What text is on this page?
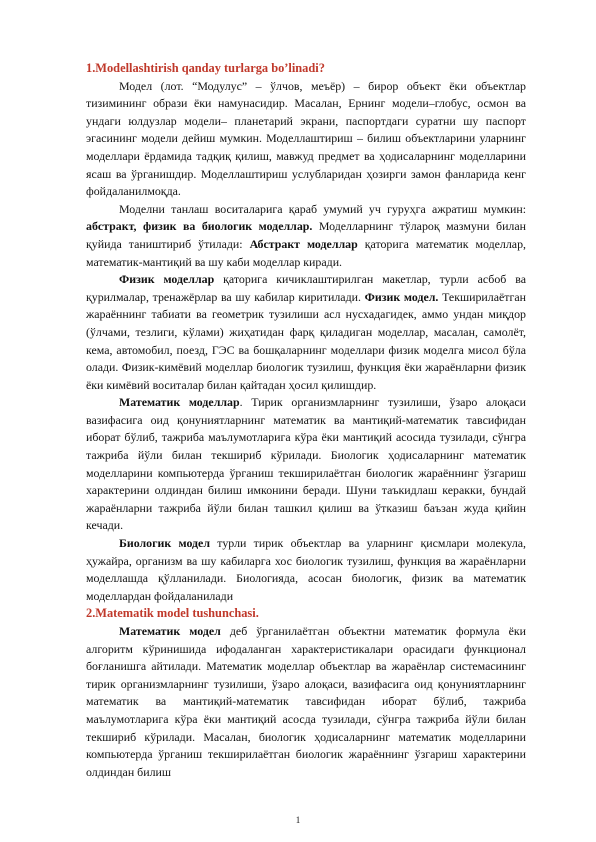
1.Modellashtirish qanday turlarga bo’linadi?

Модел (лот. “Модулус” – ўлчов, меъёр) – бирор объект ёки объектлар тизимининг образи ёки намунасидир. Масалан, Ернинг модели–глобус, осмон ва ундаги юлдузлар модели– планетарий экрани, паспортдаги суратни шу паспорт эгасининг модели дейиш мумкин. Моделлаштириш – билиш объектларини уларнинг моделлари ёрдамида тадқиқ қилиш, мавжуд предмет ва ҳодисаларнинг моделларини ясаш ва ўрганишдир. Моделлаштириш услубларидан ҳозирги замон фанларида кенг фойдаланилмоқда.

Моделни танлаш воситаларига қараб умумий уч гуруҳга ажратиш мумкин: абстракт, физик ва биологик моделлар. Моделларнинг тўлароқ мазмуни билан қуйида таништириб ўтилади: Абстракт моделлар қаторига математик моделлар, математик-мантиқий ва шу каби моделлар киради.

Физик моделлар қаторига кичиклаштирилган макетлар, турли асбоб ва қурилмалар, тренажёрлар ва шу кабилар киритилади. Физик модел. Текширилаётган жараённинг табиати ва геометрик тузилиши асл нусхадагидек, аммо ундан миқдор (ўлчами, тезлиги, кўлами) жиҳатидан фарқ қиладиган моделлар, масалан, самолёт, кема, автомобил, поезд, ГЭС ва бошқаларнинг моделлари физик моделга мисол бўла олади. Физик-кимёвий моделлар биологик тузилиш, функция ёки жараёнларни физик ёки кимёвий воситалар билан қайтадан ҳосил қилишдир.

Математик моделлар. Тирик организмларнинг тузилиши, ўзаро алоқаси вазифасига оид қонуниятларнинг математик ва мантиқий-математик тавсифидан иборат бўлиб, тажриба маълумотларига кўра ёки мантиқий асосида тузилади, сўнгра тажриба йўли билан текшириб кўрилади. Биологик ҳодисаларнинг математик моделларини компьютерда ўрганиш текширилаётган биологик жараённинг ўзгариш характерини олдиндан билиш имконини беради. Шуни таъкидлаш керакки, бундай жараёнларни тажриба йўли билан ташкил қилиш ва ўтказиш баъзан жуда қийин кечади.

Биологик модел турли тирик объектлар ва уларнинг қисмлари молекула, ҳужайра, организм ва шу кабиларга хос биологик тузилиш, функция ва жараёнларни моделлашда қўлланилади. Биологияда, асосан биологик, физик ва математик моделлардан фойдаланилади

2.Matematik model tushunchasi.

Математик модел деб ўрганилаётган объектни математик формула ёки алгоритм кўринишида ифодаланган характеристикалари орасидаги функционал боғланишга айтилади. Математик моделлар объектлар ва жараёнлар системасининг тирик организмларнинг тузилиши, ўзаро алоқаси, вазифасига оид қонуниятларнинг математик ва мантиқий-математик тавсифидан иборат бўлиб, тажриба маълумотларига кўра ёки мантиқий асосда тузилади, сўнгра тажриба йўли билан текшириб кўрилади. Масалан, биологик ҳодисаларнинг математик моделларини компьютерда ўрганиш текширилаётган биологик жараённинг ўзгариш характерини олдиндан билиш

1
